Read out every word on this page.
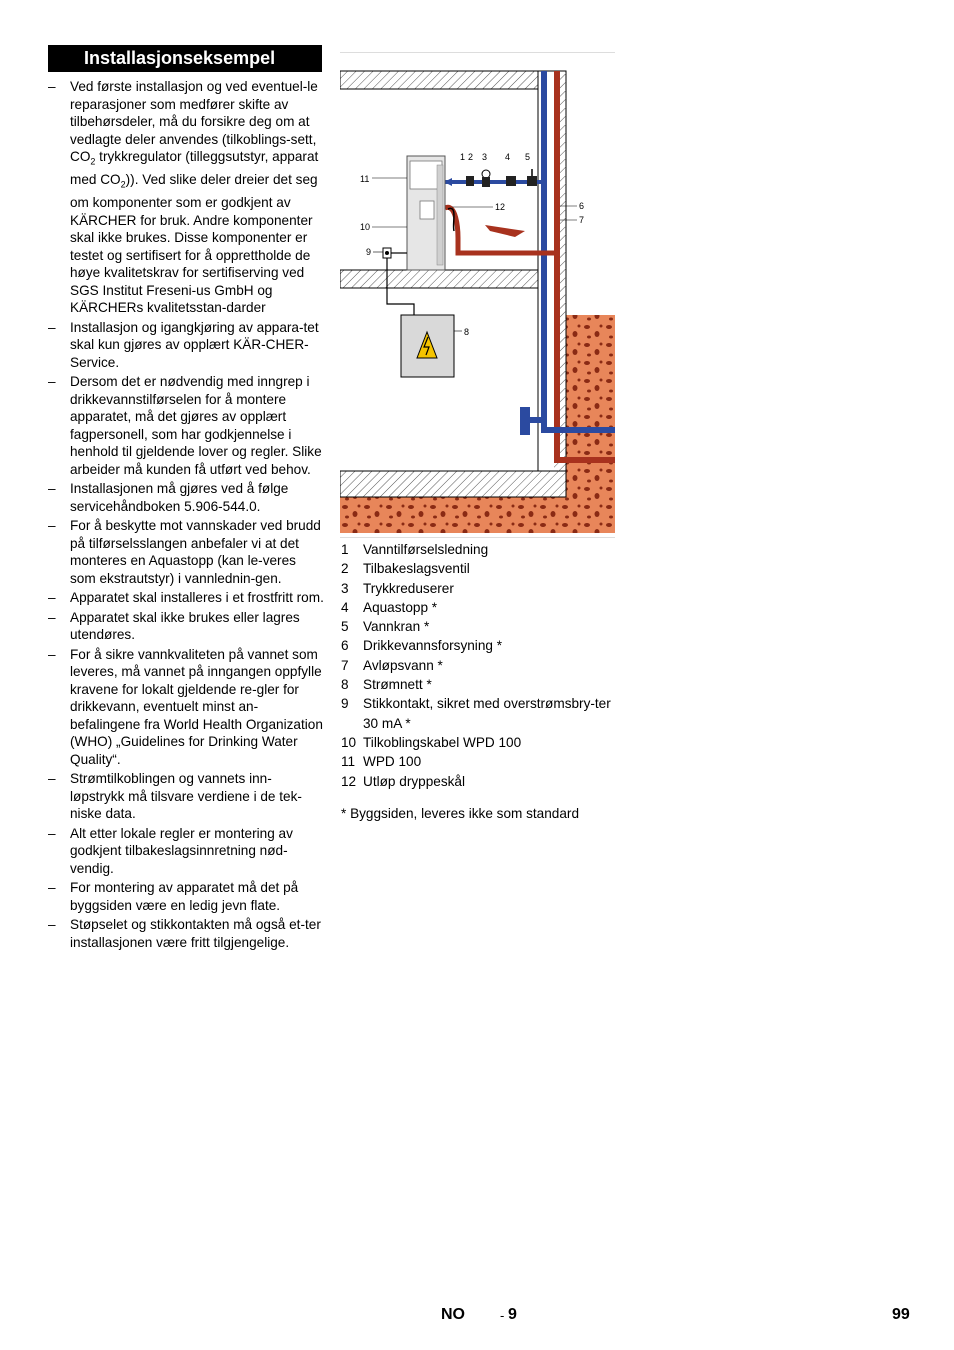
Installasjonseksempel
– Ved første installasjon og ved eventuel-le reparasjoner som medfører skifte av tilbehørsdeler, må du forsikre deg om at vedlagte deler anvendes (tilkoblings-sett, $CO_2$ trykkregulator (tilleggsutstyr, apparat med $CO_2$)). Ved slike deler dreier det seg om komponenter som er godkjent av KÄRCHER for bruk. Andre komponenter skal ikke brukes. Disse komponenter er testet og sertifisert for å opprettholde de høye kvalitetskrav for sertifiserving ved SGS Institut Freseni-us GmbH og KÄRCHERs kvalitetsstan-darder
– Installasjon og igangkjøring av appara-tet skal kun gjøres av opplært KÄR-CHER-Service.
– Dersom det er nødvendig med inngrep i drikkevannstilførselen for å montere apparatet, må det gjøres av opplært fagpersonell, som har godkjennelse i henhold til gjeldende lover og regler. Slike arbeider må kunden få utført ved behov.
– Installasjonen må gjøres ved å følge servicehåndboken 5.906-544.0.
– For å beskytte mot vannskader ved brudd på tilførselsslangen anbefaler vi at det monteres en Aquastopp (kan le-veres som ekstrautstyr) i vannlednin-gen.
– Apparatet skal installeres i et frostfritt rom.
– Apparatet skal ikke brukes eller lagres utendøres.
– For å sikre vannkvaliteten på vannet som leveres, må vannet på inngangen oppfylle kravene for lokalt gjeldende re-gler for drikkevann, eventuelt minst an-befalingene fra World Health Organization (WHO) „Guidelines for Drinking Water Quality“.
– Strømtilkoblingen og vannets inn-løpstrykk må tilsvare verdiene i de tek-niske data.
– Alt etter lokale regler er montering av godkjent tilbakeslagsinnretning nød-vendig.
– For montering av apparatet må det på byggsiden være en ledig jevn flate.
– Støpselet og stikkontakten må også et-ter installasjonen være fritt tilgjengelige.
1 2 3 4 5
6
7
8
9
10
11
12
1	Vanntilførselsledning
2	Tilbakeslagsventil
3	Trykkreduserer
4	Aquastopp *
5	Vannkran *
6	Drikkevannsforsyning *
7	Avløpsvann *
8	Strømnett *
9	Stikkontakt, sikret med overstrømsbry-ter 30 mA *
10 Tilkoblingskabel WPD 100
11 WPD 100
12 Utløp dryppeskål
* Byggsiden, leveres ikke som standard
NO	- 9	99
